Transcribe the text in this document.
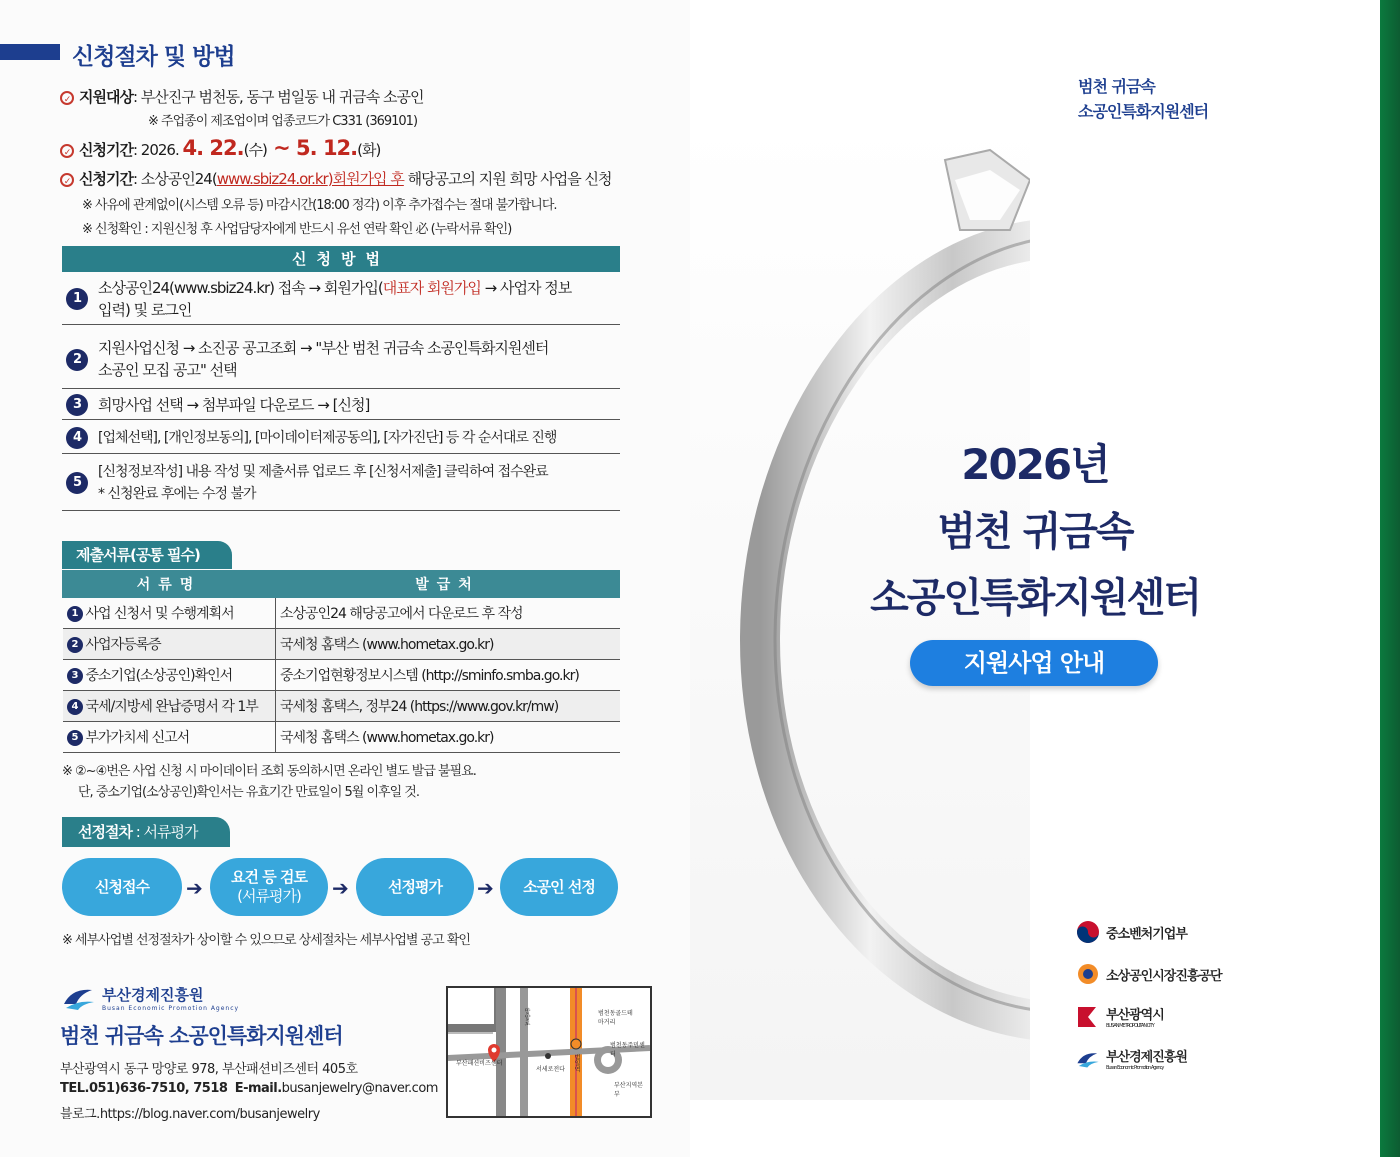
신청절차 및 방법
✓ 지원대상: 부산진구 범천동, 동구 범일동 내 귀금속 소공인
※ 주업종이 제조업이며 업종코드가 C331 (369101)
✓ 신청기간: 2026. 4. 22.(수) ~ 5. 12.(화)
✓ 신청기간: 소상공인24(www.sbiz24.or.kr)회원가입 후 해당공고의 지원 희망 사업을 신청
※ 사유에 관계없이(시스템 오류 등) 마감시간(18:00 정각) 이후 추가접수는 절대 불가합니다.
※ 신청확인 : 지원신청 후 사업담당자에게 반드시 유선 연락 확인 必 (누락서류 확인)
신청방법
1
소상공인24(www.sbiz24.kr) 접속 → 회원가입(대표자 회원가입 → 사업자 정보
입력) 및 로그인
2
지원사업신청 → 소진공 공고조회 → "부산 범천 귀금속 소공인특화지원센터
소공인 모집 공고" 선택
3	희망사업 선택 → 첨부파일 다운로드 → [신청]
4	[업체선택], [개인정보동의], [마이데이터제공동의], [자가진단] 등 각 순서대로 진행
5
[신청정보작성] 내용 작성 및 제출서류 업로드 후 [신청서제출] 클릭하여 접수완료
* 신청완료 후에는 수정 불가
제출서류(공통 필수)
서류명	발급처
1 사업 신청서 및 수행계획서	소상공인24 해당공고에서 다운로드 후 작성
2 사업자등록증	국세청 홈택스 (www.hometax.go.kr)
3 중소기업(소상공인)확인서	중소기업현황정보시스템 (http://sminfo.smba.go.kr)
4 국세/지방세 완납증명서 각 1부	국세청 홈택스, 정부24 (https://www.gov.kr/mw)
5 부가가치세 신고서	국세청 홈택스 (www.hometax.go.kr)
※ ②~④번은 사업 신청 시 마이데이터 조회 동의하시면 온라인 별도 발급 불필요.
단, 중소기업(소상공인)확인서는 유효기간 만료일이 5월 이후일 것.
선정절차 : 서류평가
신청접수 ➔ 요건 등 검토
(서류평가) ➔	선정평가 ➔ 소공인 선정
※ 세부사업별 선정절차가 상이할 수 있으므로 상세절차는 세부사업별 공고 확인
부산경제진흥원
Busan Economic Promotion Agency
범천 귀금속 소공인특화지원센터
부산광역시 동구 망양로 978, 부산패션비즈센터 405호
TEL.051)636-7510, 7518 E-mail.busanjewelry@naver.com
블로그.https://blog.naver.com/busanjewelry
부산패션비즈센터
망양로	범천동골드테마거리
범천동주민센터
서세로전다 범일역
부산지역본부
범천 귀금속
소공인특화지원센터
2026년
범천 귀금속
소공인특화지원센터
지원사업 안내
중소벤처기업부
소상공인시장진흥공단
부산광역시
BUSAN METROPOLITAN CITY
부산경제진흥원
Busan Economic Promotion Agency
